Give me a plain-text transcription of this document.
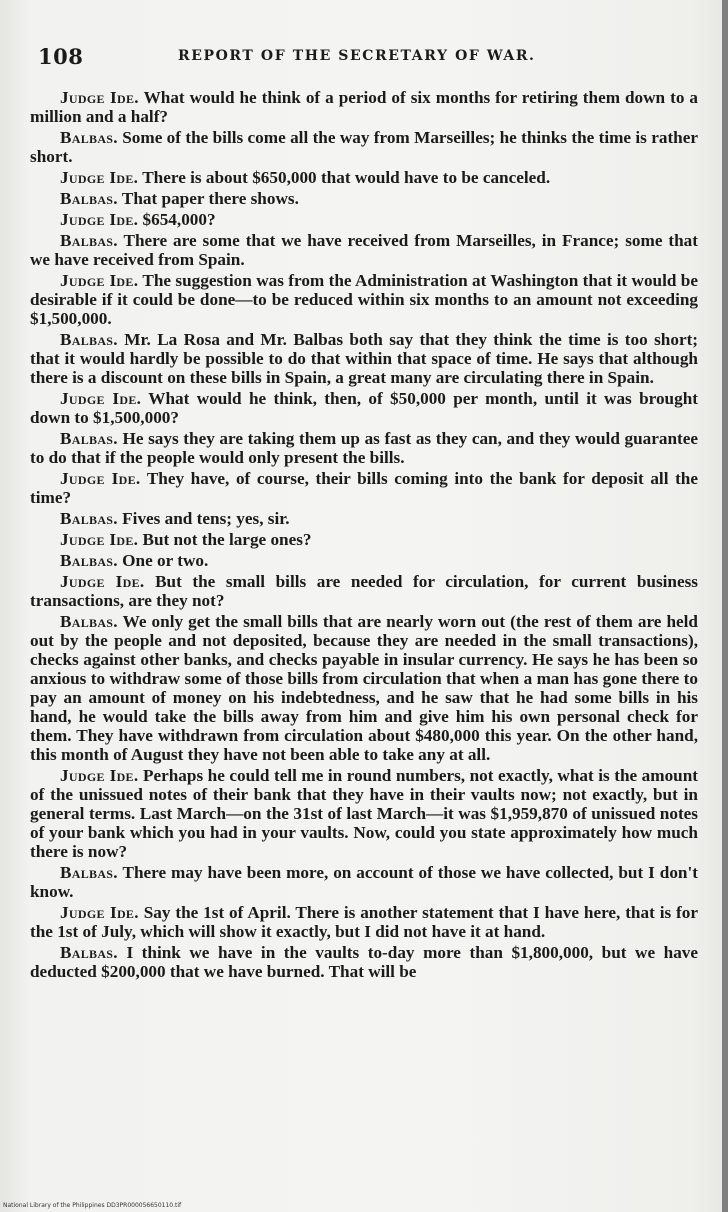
108	REPORT OF THE SECRETARY OF WAR.

Judge Ide. What would he think of a period of six months for retiring them down to a million and a half?

Balbas. Some of the bills come all the way from Marseilles; he thinks the time is rather short.

Judge Ide. There is about $650,000 that would have to be canceled.

Balbas. That paper there shows.

Judge Ide. $654,000?

Balbas. There are some that we have received from Marseilles, in France; some that we have received from Spain.

Judge Ide. The suggestion was from the Administration at Washington that it would be desirable if it could be done—to be reduced within six months to an amount not exceeding $1,500,000.

Balbas. Mr. La Rosa and Mr. Balbas both say that they think the time is too short; that it would hardly be possible to do that within that space of time. He says that although there is a discount on these bills in Spain, a great many are circulating there in Spain.

Judge Ide. What would he think, then, of $50,000 per month, until it was brought down to $1,500,000?

Balbas. He says they are taking them up as fast as they can, and they would guarantee to do that if the people would only present the bills.

Judge Ide. They have, of course, their bills coming into the bank for deposit all the time?

Balbas. Fives and tens; yes, sir.

Judge Ide. But not the large ones?

Balbas. One or two.

Judge Ide. But the small bills are needed for circulation, for current business transactions, are they not?

Balbas. We only get the small bills that are nearly worn out (the rest of them are held out by the people and not deposited, because they are needed in the small transactions), checks against other banks, and checks payable in insular currency. He says he has been so anxious to withdraw some of those bills from circulation that when a man has gone there to pay an amount of money on his indebtedness, and he saw that he had some bills in his hand, he would take the bills away from him and give him his own personal check for them. They have withdrawn from circulation about $480,000 this year. On the other hand, this month of August they have not been able to take any at all.

Judge Ide. Perhaps he could tell me in round numbers, not exactly, what is the amount of the unissued notes of their bank that they have in their vaults now; not exactly, but in general terms. Last March—on the 31st of last March—it was $1,959,870 of unissued notes of your bank which you had in your vaults. Now, could you state approximately how much there is now?

Balbas. There may have been more, on account of those we have collected, but I don't know.

Judge Ide. Say the 1st of April. There is another statement that I have here, that is for the 1st of July, which will show it exactly, but I did not have it at hand.

Balbas. I think we have in the vaults to-day more than $1,800,000, but we have deducted $200,000 that we have burned. That will be

National Library of the Philippines DD3PR000056650110.tif
